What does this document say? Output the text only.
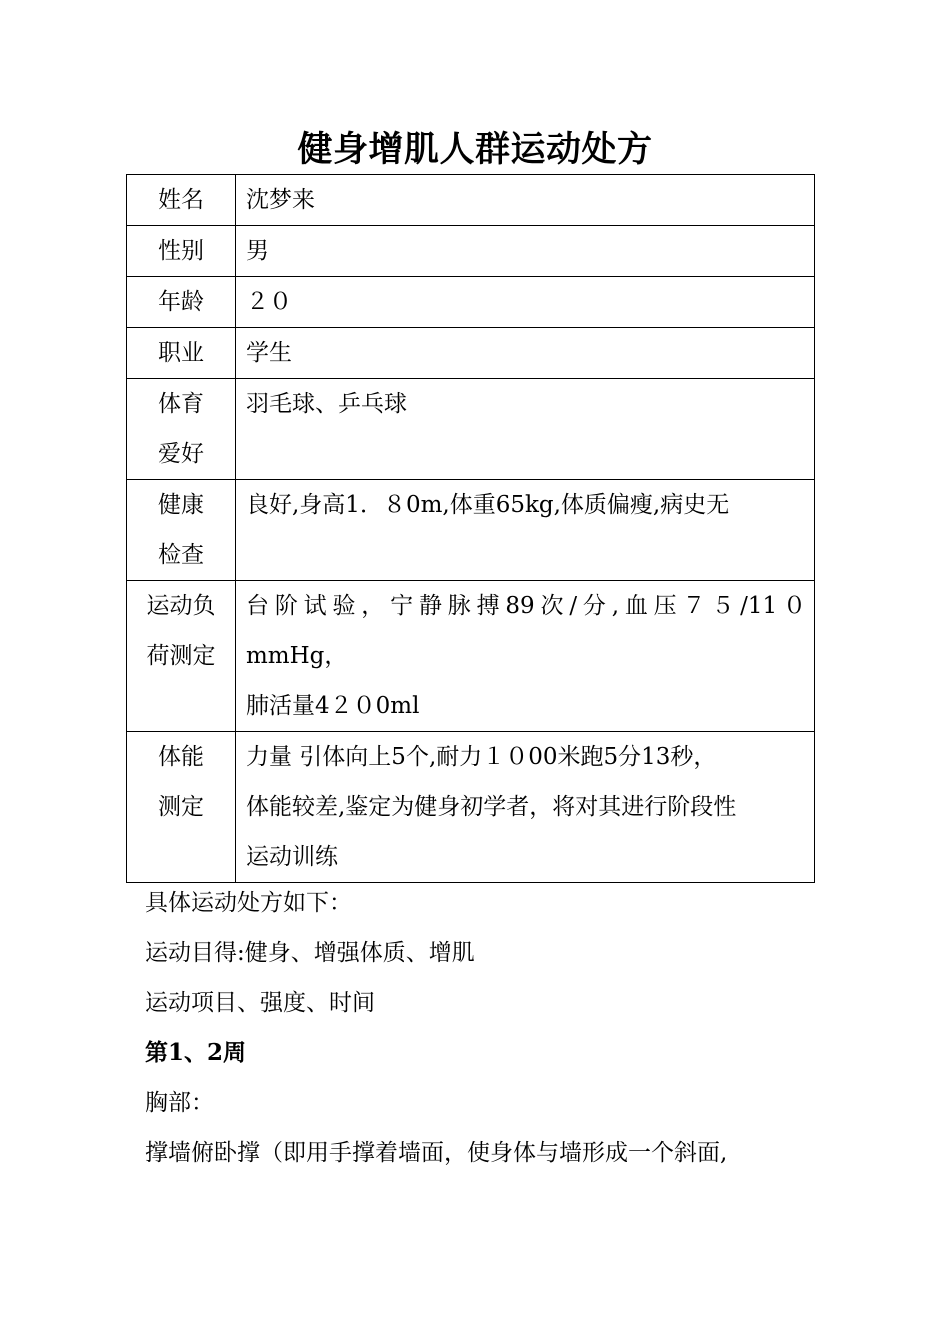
健身增肌人群运动处方
姓名	沈梦来

性别	男

年龄	２０

职业	学生

体育
爱好	羽毛球、乒乓球

健康
检查	良好,身高1．８0m,体重65kg,体质偏瘦,病史无

运动负
荷测定	台阶试验，宁静脉搏89次/分,血压７５/11０
mmHg，
肺活量4２０0ml

体能
测定	力量 引体向上5个,耐力１０00米跑5分13秒，
体能较差,鉴定为健身初学者，将对其进行阶段性
运动训练
具体运动处方如下：
运动目得:健身、增强体质、增肌
运动项目、强度、时间
第1、2周
胸部：
撑墙俯卧撑（即用手撑着墙面，使身体与墙形成一个斜面,
